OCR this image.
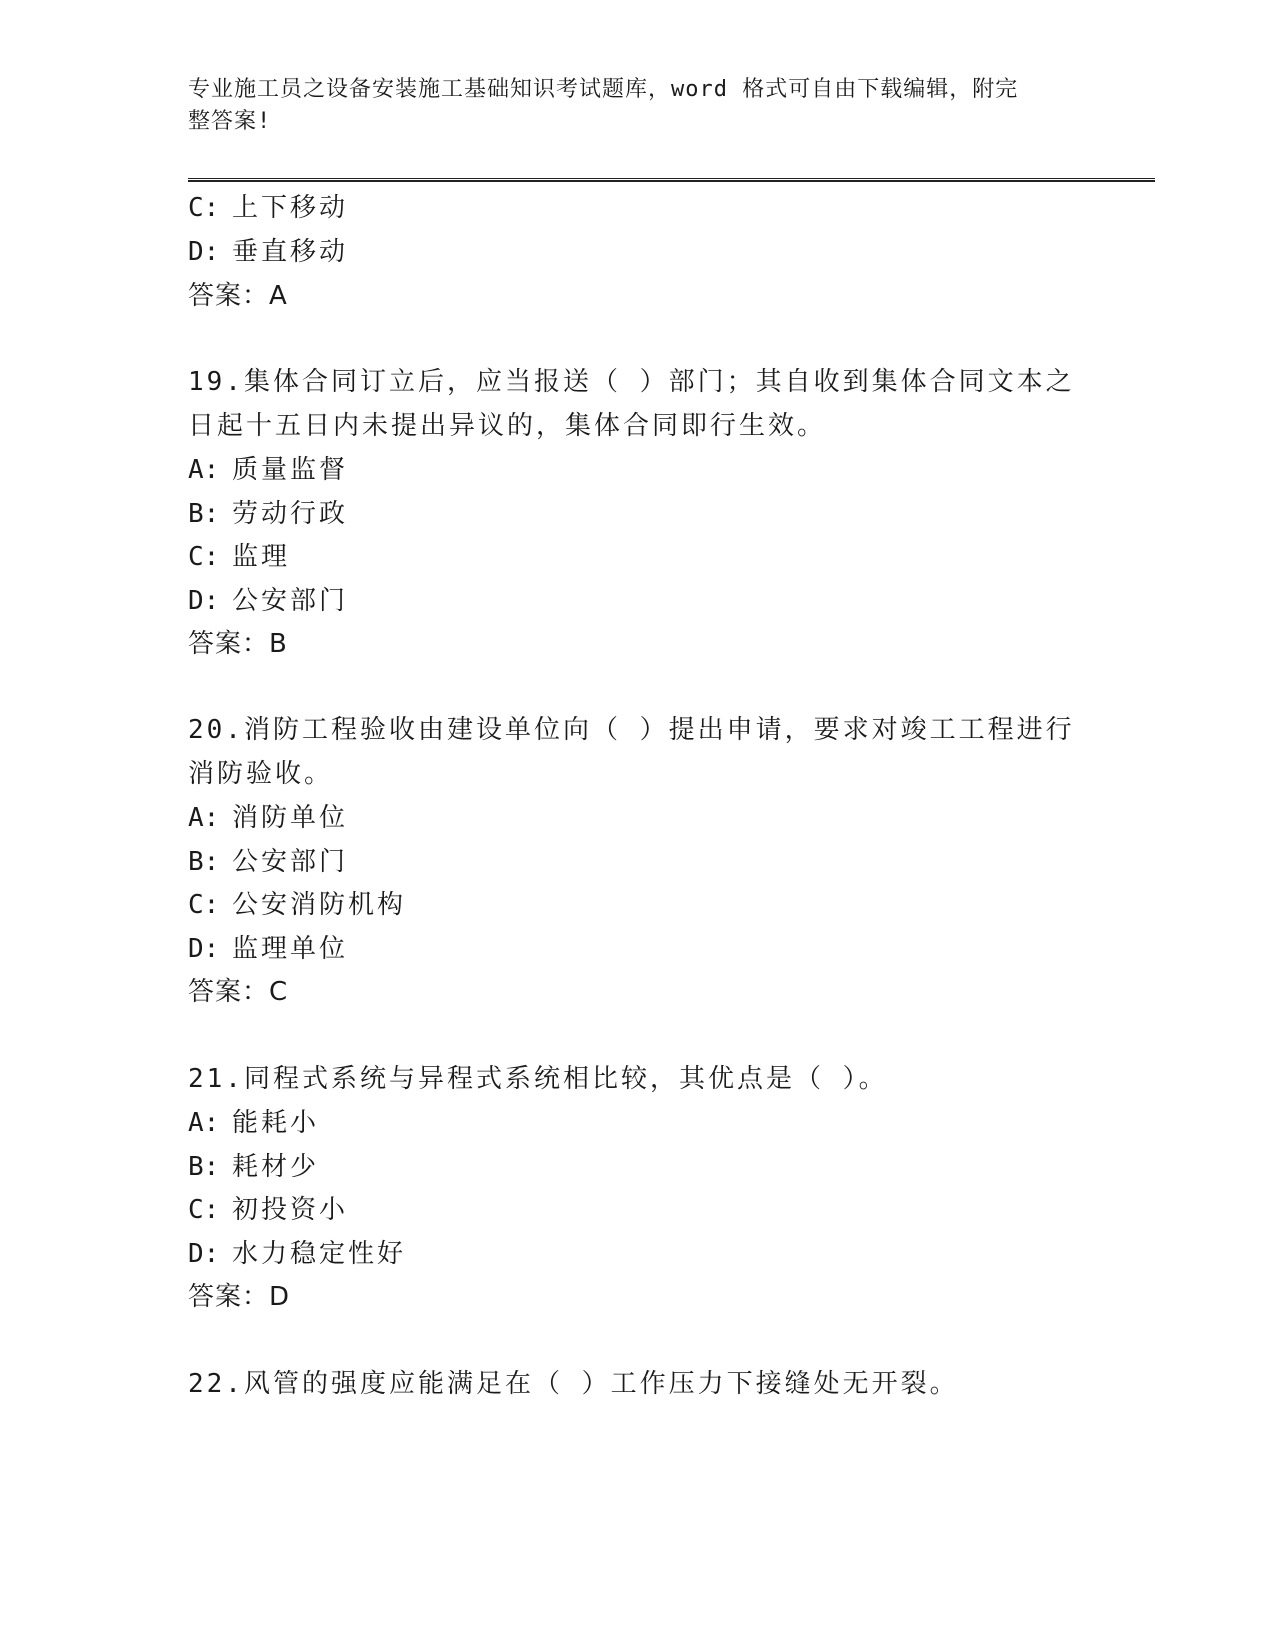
专业施工员之设备安装施工基础知识考试题库，word 格式可自由下载编辑，附完
整答案!
C: 上下移动
D: 垂直移动
答案：A
19.集体合同订立后，应当报送（ ）部门；其自收到集体合同文本之
日起十五日内未提出异议的，集体合同即行生效。
A: 质量监督
B: 劳动行政
C: 监理
D: 公安部门
答案：B
20.消防工程验收由建设单位向（ ）提出申请，要求对竣工工程进行
消防验收。
A: 消防单位
B: 公安部门
C: 公安消防机构
D: 监理单位
答案：C
21.同程式系统与异程式系统相比较，其优点是（ ）。
A: 能耗小
B: 耗材少
C: 初投资小
D: 水力稳定性好
答案：D
22.风管的强度应能满足在（ ）工作压力下接缝处无开裂。
